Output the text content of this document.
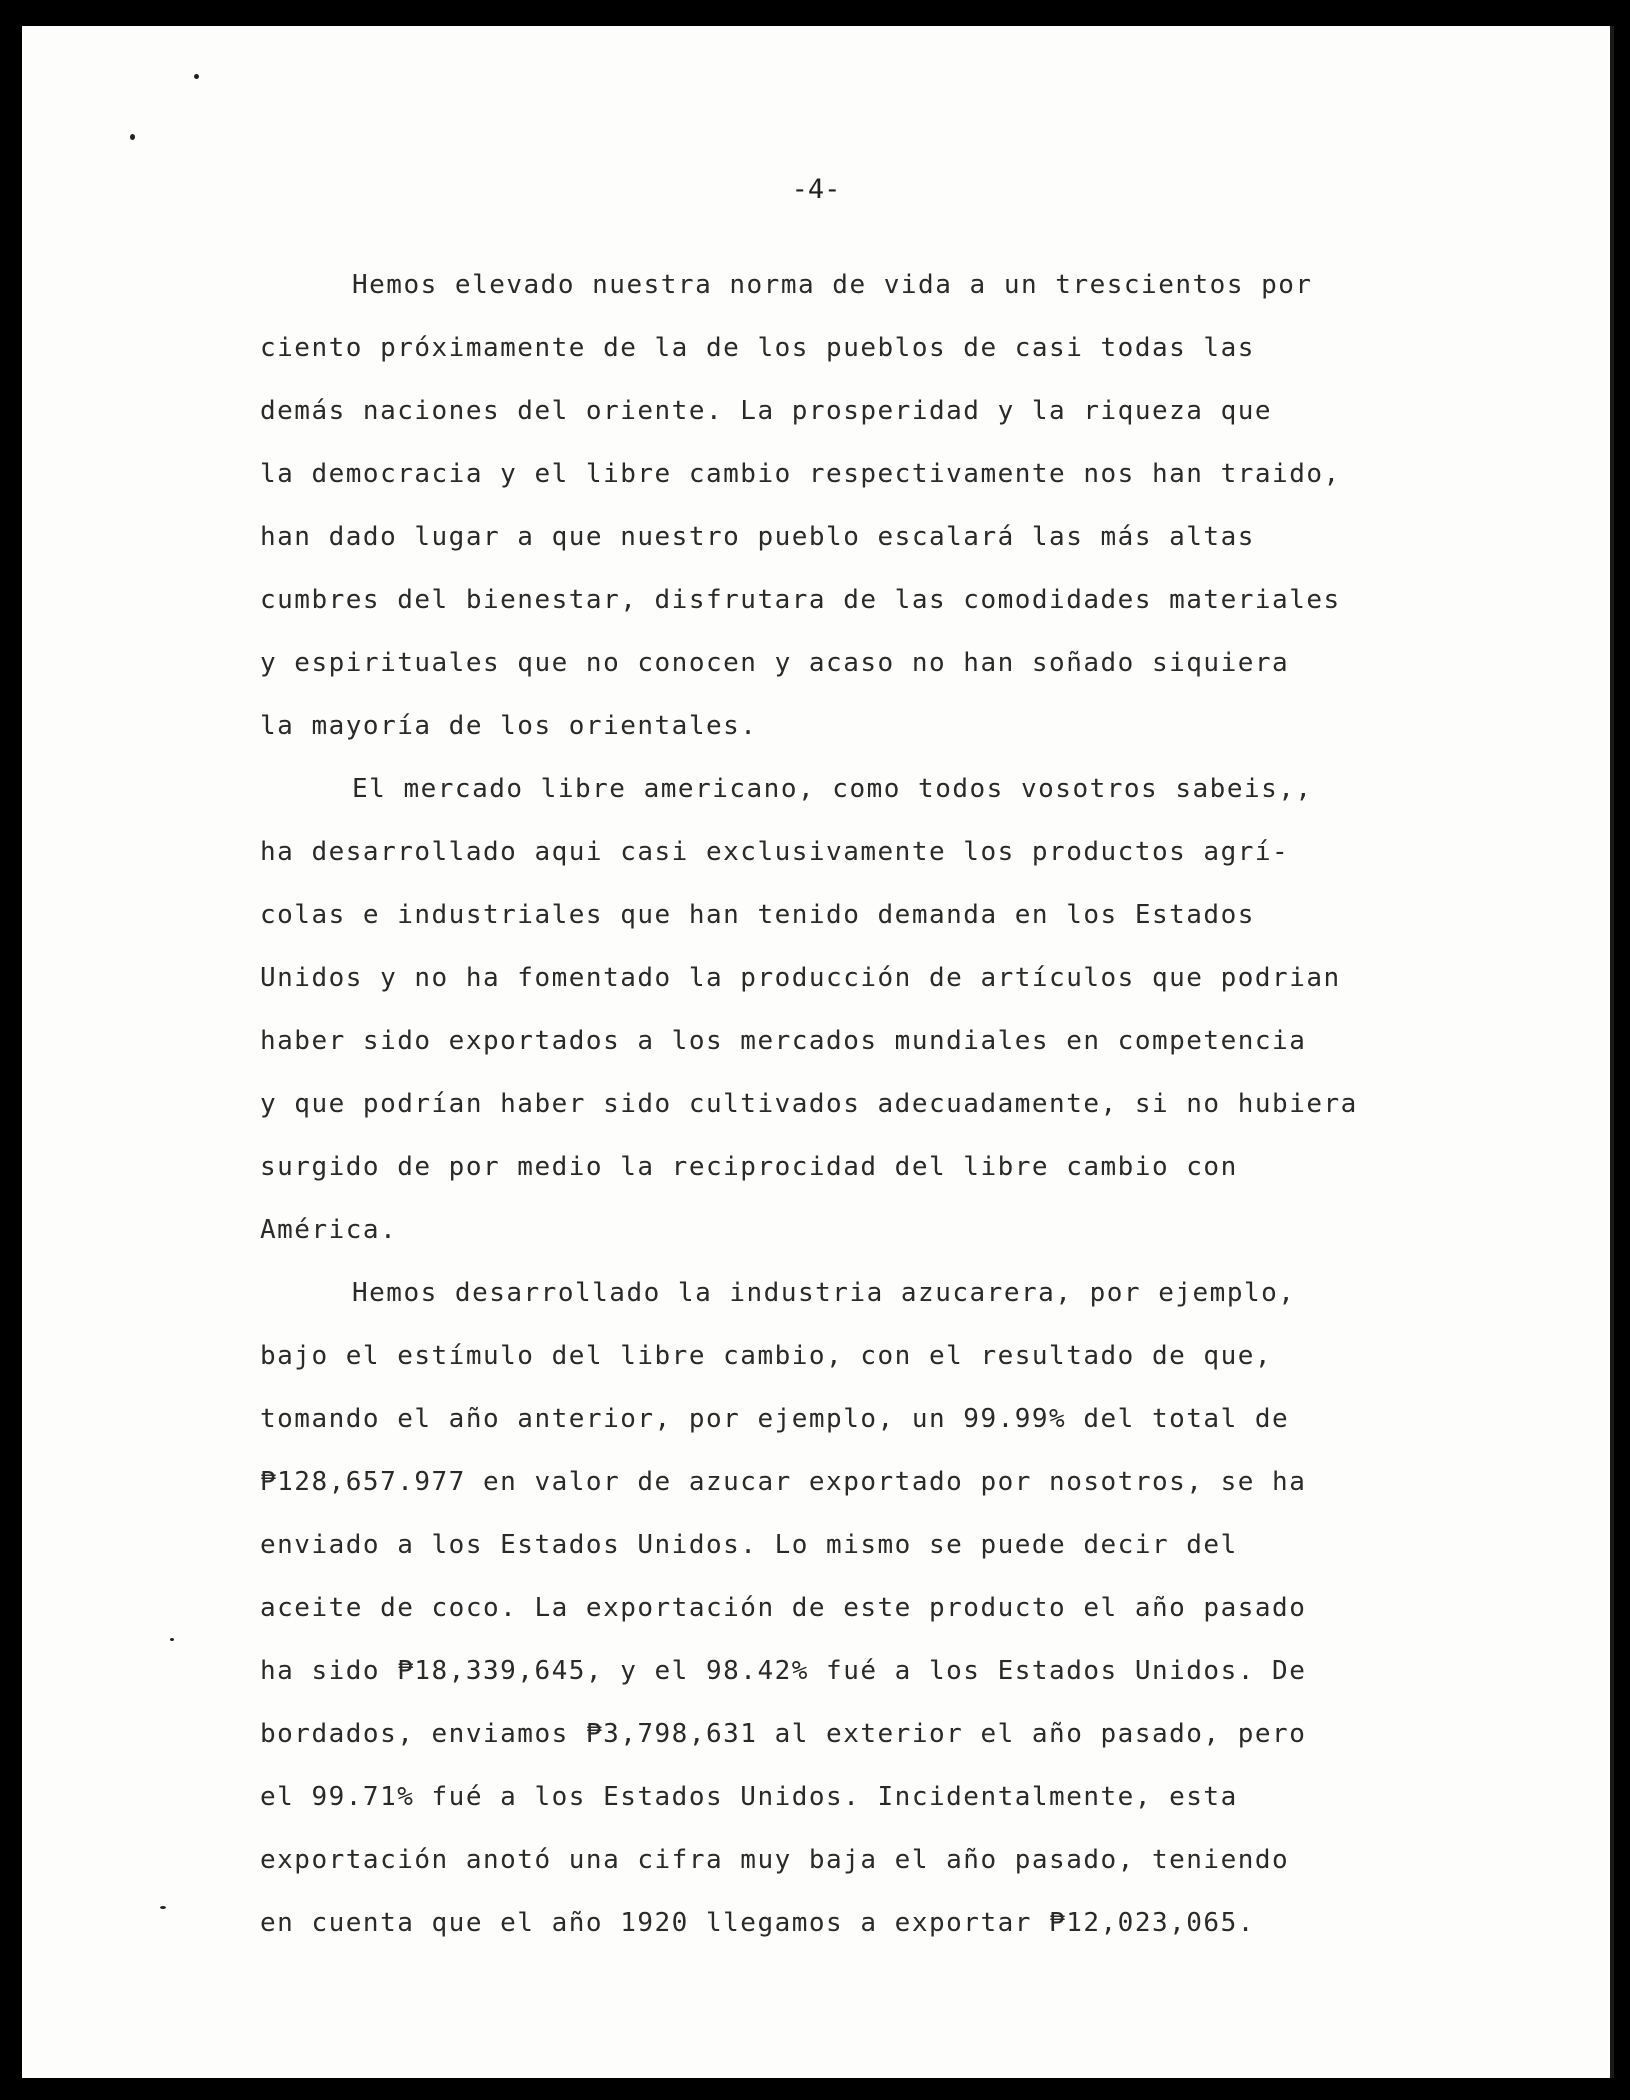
-4-
Hemos elevado nuestra norma de vida a un trescientos por
ciento próximamente de la de los pueblos de casi todas las
demás naciones del oriente. La prosperidad y la riqueza que
la democracia y el libre cambio respectivamente nos han traido,
han dado lugar a que nuestro pueblo escalará las más altas
cumbres del bienestar, disfrutara de las comodidades materiales
y espirituales que no conocen y acaso no han soñado siquiera
la mayoría de los orientales.
El mercado libre americano, como todos vosotros sabeis,,
ha desarrollado aqui casi exclusivamente los productos agrí-
colas e industriales que han tenido demanda en los Estados
Unidos y no ha fomentado la producción de artículos que podrian
haber sido exportados a los mercados mundiales en competencia
y que podrían haber sido cultivados adecuadamente, si no hubiera
surgido de por medio la reciprocidad del libre cambio con
América.
Hemos desarrollado la industria azucarera, por ejemplo,
bajo el estímulo del libre cambio, con el resultado de que,
tomando el año anterior, por ejemplo, un 99.99% del total de
₱128,657.977 en valor de azucar exportado por nosotros, se ha
enviado a los Estados Unidos. Lo mismo se puede decir del
aceite de coco. La exportación de este producto el año pasado
ha sido ₱18,339,645, y el 98.42% fué a los Estados Unidos. De
bordados, enviamos ₱3,798,631 al exterior el año pasado, pero
el 99.71% fué a los Estados Unidos. Incidentalmente, esta
exportación anotó una cifra muy baja el año pasado, teniendo
en cuenta que el año 1920 llegamos a exportar ₱12,023,065.
